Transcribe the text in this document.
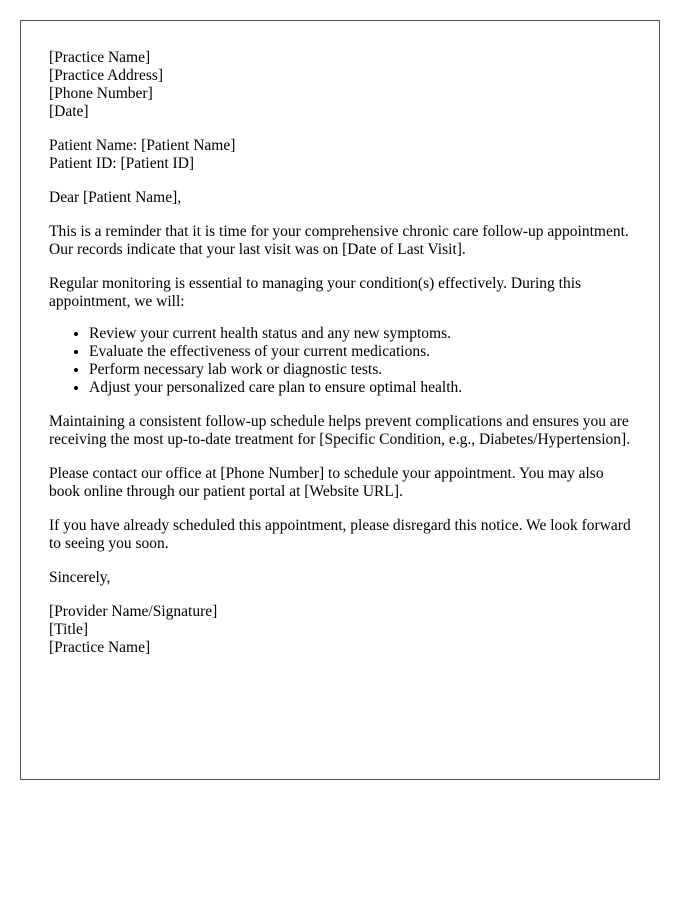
[Practice Name]
[Practice Address]
[Phone Number]
[Date]
Patient Name: [Patient Name]
Patient ID: [Patient ID]

Dear [Patient Name],

This is a reminder that it is time for your comprehensive chronic care follow-up appointment. Our records indicate that your last visit was on [Date of Last Visit].

Regular monitoring is essential to managing your condition(s) effectively. During this appointment, we will:

• Review your current health status and any new symptoms.
• Evaluate the effectiveness of your current medications.
• Perform necessary lab work or diagnostic tests.
• Adjust your personalized care plan to ensure optimal health.

Maintaining a consistent follow-up schedule helps prevent complications and ensures you are receiving the most up-to-date treatment for [Specific Condition, e.g., Diabetes/Hypertension].

Please contact our office at [Phone Number] to schedule your appointment. You may also book online through our patient portal at [Website URL].

If you have already scheduled this appointment, please disregard this notice. We look forward to seeing you soon.

Sincerely,

[Provider Name/Signature]
[Title]
[Practice Name]
